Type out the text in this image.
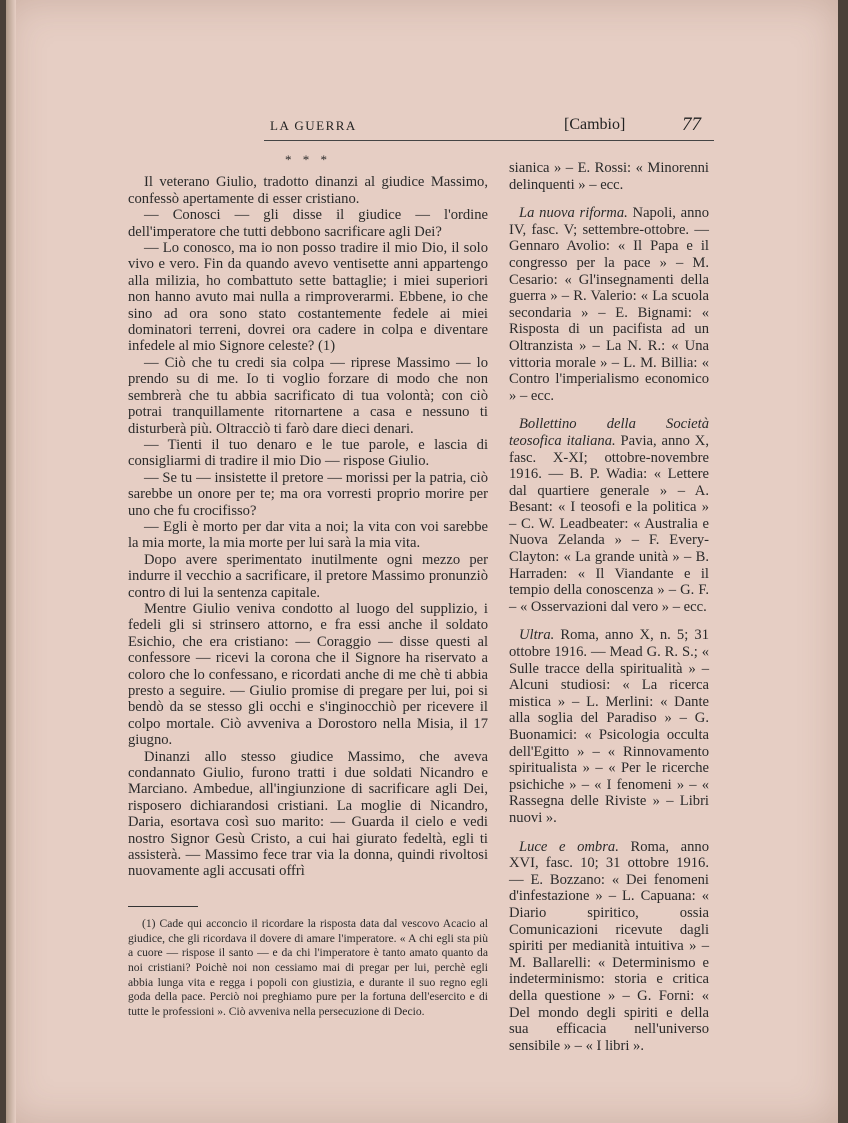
LA GUERRA	[Cambio]	77
* * *

Il veterano Giulio, tradotto dinanzi al giudice Massimo, confessò apertamente di esser cristiano.

— Conosci — gli disse il giudice — l'ordine dell'imperatore che tutti debbono sacrificare agli Dei?

— Lo conosco, ma io non posso tradire il mio Dio, il solo vivo e vero. Fin da quando avevo ventisette anni appartengo alla milizia, ho combattuto sette battaglie; i miei superiori non hanno avuto mai nulla a rimproverarmi. Ebbene, io che sino ad ora sono stato costantemente fedele ai miei dominatori terreni, dovrei ora cadere in colpa e diventare infedele al mio Signore celeste? (1)

— Ciò che tu credi sia colpa — riprese Massimo — lo prendo su di me. Io ti voglio forzare di modo che non sembrerà che tu abbia sacrificato di tua volontà; con ciò potrai tranquillamente ritornartene a casa e nessuno ti disturberà più. Oltracciò ti farò dare dieci denari.

— Tienti il tuo denaro e le tue parole, e lascia di consigliarmi di tradire il mio Dio — rispose Giulio.

— Se tu — insistette il pretore — morissi per la patria, ciò sarebbe un onore per te; ma ora vorresti proprio morire per uno che fu crocifisso?

— Egli è morto per dar vita a noi; la vita con voi sarebbe la mia morte, la mia morte per lui sarà la mia vita.

Dopo avere sperimentato inutilmente ogni mezzo per indurre il vecchio a sacrificare, il pretore Massimo pronunziò contro di lui la sentenza capitale.

Mentre Giulio veniva condotto al luogo del supplizio, i fedeli gli si strinsero attorno, e fra essi anche il soldato Esichio, che era cristiano: — Coraggio — disse questi al confessore — ricevi la corona che il Signore ha riservato a coloro che lo confessano, e ricordati anche di me chè ti abbia presto a seguire. — Giulio promise di pregare per lui, poi si bendò da se stesso gli occhi e s'inginocchiò per ricevere il colpo mortale. Ciò avveniva a Dorostoro nella Misia, il 17 giugno.

Dinanzi allo stesso giudice Massimo, che aveva condannato Giulio, furono tratti i due soldati Nicandro e Marciano. Ambedue, all'ingiunzione di sacrificare agli Dei, risposero dichiarandosi cristiani. La moglie di Nicandro, Daria, esortava così suo marito: — Guarda il cielo e vedi nostro Signor Gesù Cristo, a cui hai giurato fedeltà, egli ti assisterà. — Massimo fece trar via la donna, quindi rivoltosi nuovamente agli accusati offrì

(1) Cade qui acconcio il ricordare la risposta data dal vescovo Acacio al giudice, che gli ricordava il dovere di amare l'imperatore. « A chi egli sta più a cuore — rispose il santo — e da chi l'imperatore è tanto amato quanto da noi cristiani? Poichè noi non cessiamo mai di pregar per lui, perchè egli abbia lunga vita e regga i popoli con giustizia, e durante il suo regno egli goda della pace. Perciò noi preghiamo pure per la fortuna dell'esercito e di tutte le professioni ». Ciò avveniva nella persecuzione di Decio.

sianica » – E. Rossi: « Minorenni delinquenti » – ecc.

La nuova riforma. Napoli, anno IV, fasc. V; settembre-ottobre. — Gennaro Avolio: « Il Papa e il congresso per la pace » – M. Cesario: « Gl'insegnamenti della guerra » – R. Valerio: « La scuola secondaria » – E. Bignami: « Risposta di un pacifista ad un Oltranzista » – La N. R.: « Una vittoria morale » – L. M. Billia: « Contro l'imperialismo economico » – ecc.

Bollettino della Società teosofica italiana. Pavia, anno X, fasc. X-XI; ottobre-novembre 1916. — B. P. Wadia: « Lettere dal quartiere generale » – A. Besant: « I teosofi e la politica » – C. W. Leadbeater: « Australia e Nuova Zelanda » – F. Every-Clayton: « La grande unità » – B. Harraden: « Il Viandante e il tempio della conoscenza » – G. F. – « Osservazioni dal vero » – ecc.

Ultra. Roma, anno X, n. 5; 31 ottobre 1916. — Mead G. R. S.; « Sulle tracce della spiritualità » – Alcuni studiosi: « La ricerca mistica » – L. Merlini: « Dante alla soglia del Paradiso » – G. Buonamici: « Psicologia occulta dell'Egitto » – « Rinnovamento spiritualista » – « Per le ricerche psichiche » – « I fenomeni » – « Rassegna delle Riviste » – Libri nuovi ».

Luce e ombra. Roma, anno XVI, fasc. 10; 31 ottobre 1916. — E. Bozzano: « Dei fenomeni d'infestazione » – L. Capuana: « Diario spiritico, ossia Comunicazioni ricevute dagli spiriti per medianità intuitiva » – M. Ballarelli: « Determinismo e indeterminismo: storia e critica della questione » – G. Forni: « Del mondo degli spiriti e della sua efficacia nell'universo sensibile » – « I libri ».
